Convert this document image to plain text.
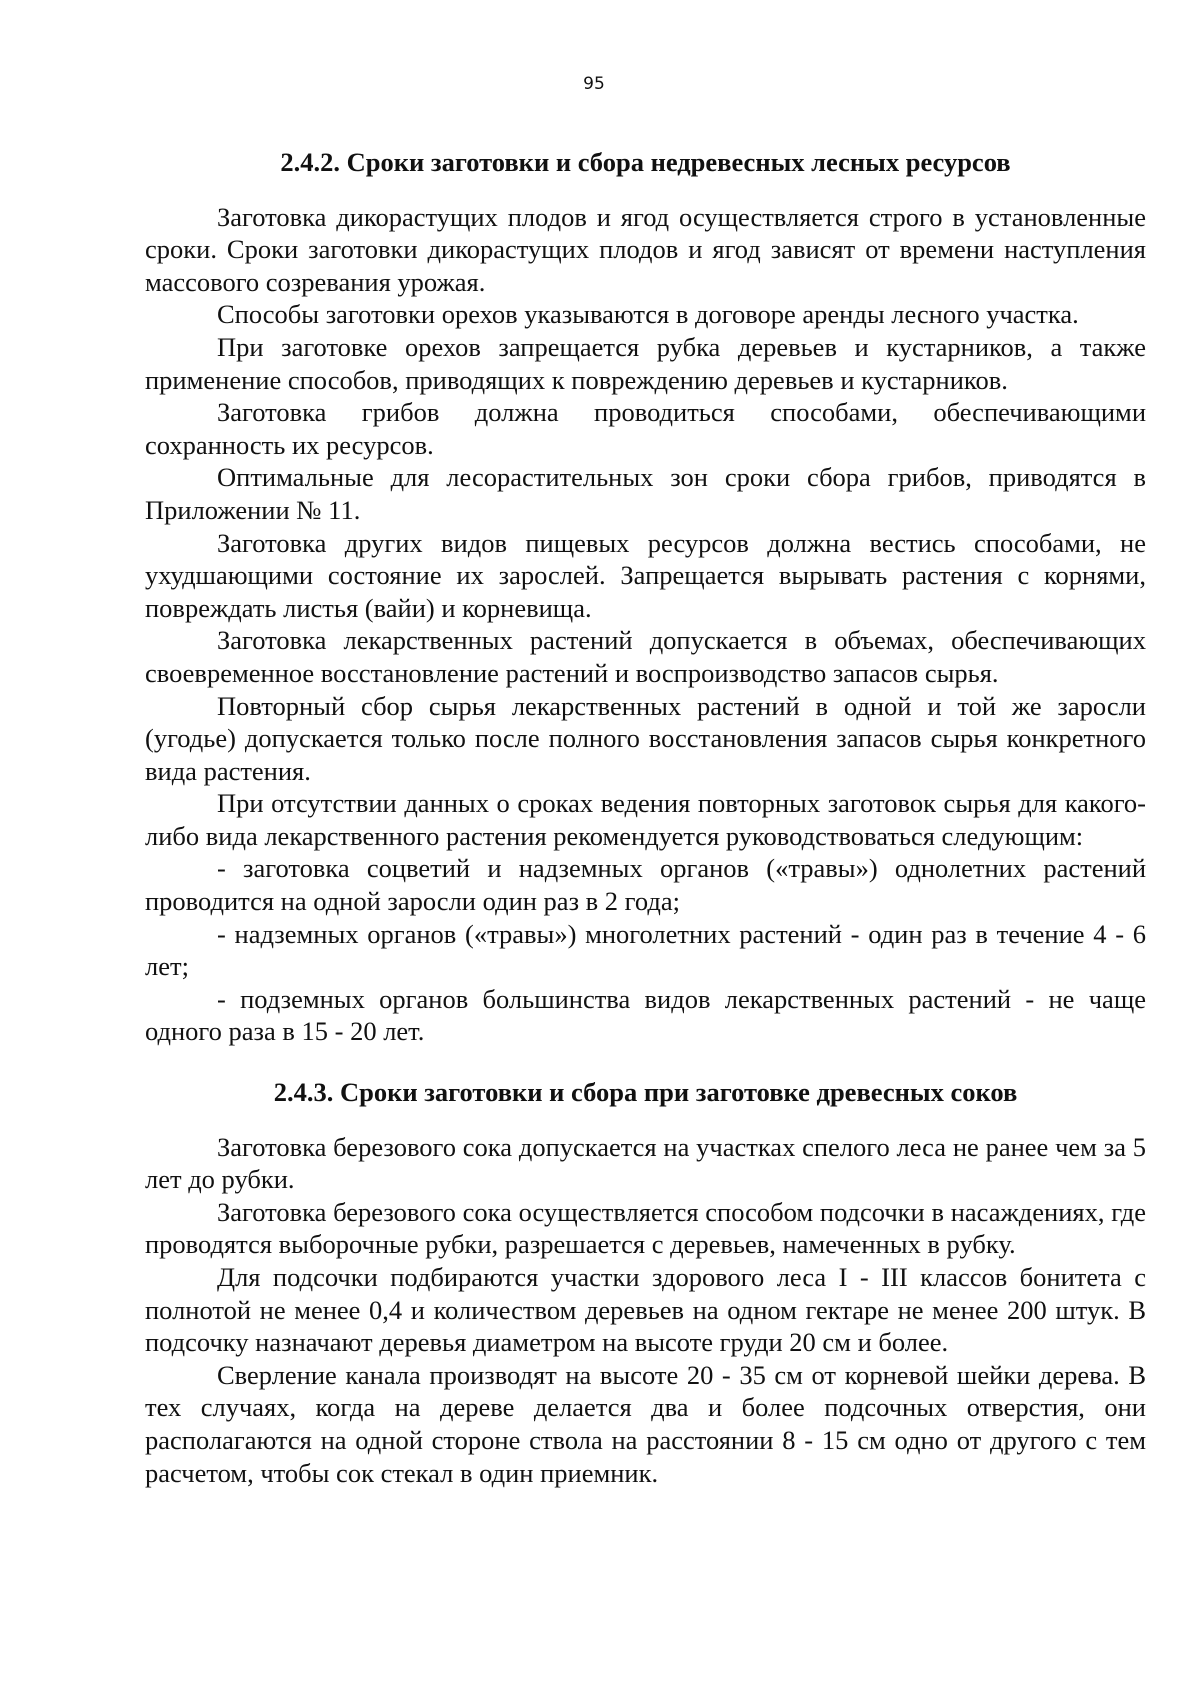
95

2.4.2. Сроки заготовки и сбора недревесных лесных ресурсов

Заготовка дикорастущих плодов и ягод осуществляется строго в установленные сроки. Сроки заготовки дикорастущих плодов и ягод зависят от времени наступления массового созревания урожая.

Способы заготовки орехов указываются в договоре аренды лесного участка.

При заготовке орехов запрещается рубка деревьев и кустарников, а также применение способов, приводящих к повреждению деревьев и кустарников.

Заготовка грибов должна проводиться способами, обеспечивающими сохранность их ресурсов.

Оптимальные для лесорастительных зон сроки сбора грибов, приводятся в Приложении № 11.

Заготовка других видов пищевых ресурсов должна вестись способами, не ухудшающими состояние их зарослей. Запрещается вырывать растения с корнями, повреждать листья (вайи) и корневища.

Заготовка лекарственных растений допускается в объемах, обеспечивающих своевременное восстановление растений и воспроизводство запасов сырья.

Повторный сбор сырья лекарственных растений в одной и той же заросли (угодье) допускается только после полного восстановления запасов сырья конкретного вида растения.

При отсутствии данных о сроках ведения повторных заготовок сырья для какого-либо вида лекарственного растения рекомендуется руководствоваться следующим:

- заготовка соцветий и надземных органов («травы») однолетних растений проводится на одной заросли один раз в 2 года;

- надземных органов («травы») многолетних растений - один раз в течение 4 - 6 лет;

- подземных органов большинства видов лекарственных растений - не чаще одного раза в 15 - 20 лет.

2.4.3. Сроки заготовки и сбора при заготовке древесных соков

Заготовка березового сока допускается на участках спелого леса не ранее чем за 5 лет до рубки.

Заготовка березового сока осуществляется способом подсочки в насаждениях, где проводятся выборочные рубки, разрешается с деревьев, намеченных в рубку.

Для подсочки подбираются участки здорового леса I - III классов бонитета с полнотой не менее 0,4 и количеством деревьев на одном гектаре не менее 200 штук. В подсочку назначают деревья диаметром на высоте груди 20 см и более.

Сверление канала производят на высоте 20 - 35 см от корневой шейки дерева. В тех случаях, когда на дереве делается два и более подсочных отверстия, они располагаются на одной стороне ствола на расстоянии 8 - 15 см одно от другого с тем расчетом, чтобы сок стекал в один приемник.
